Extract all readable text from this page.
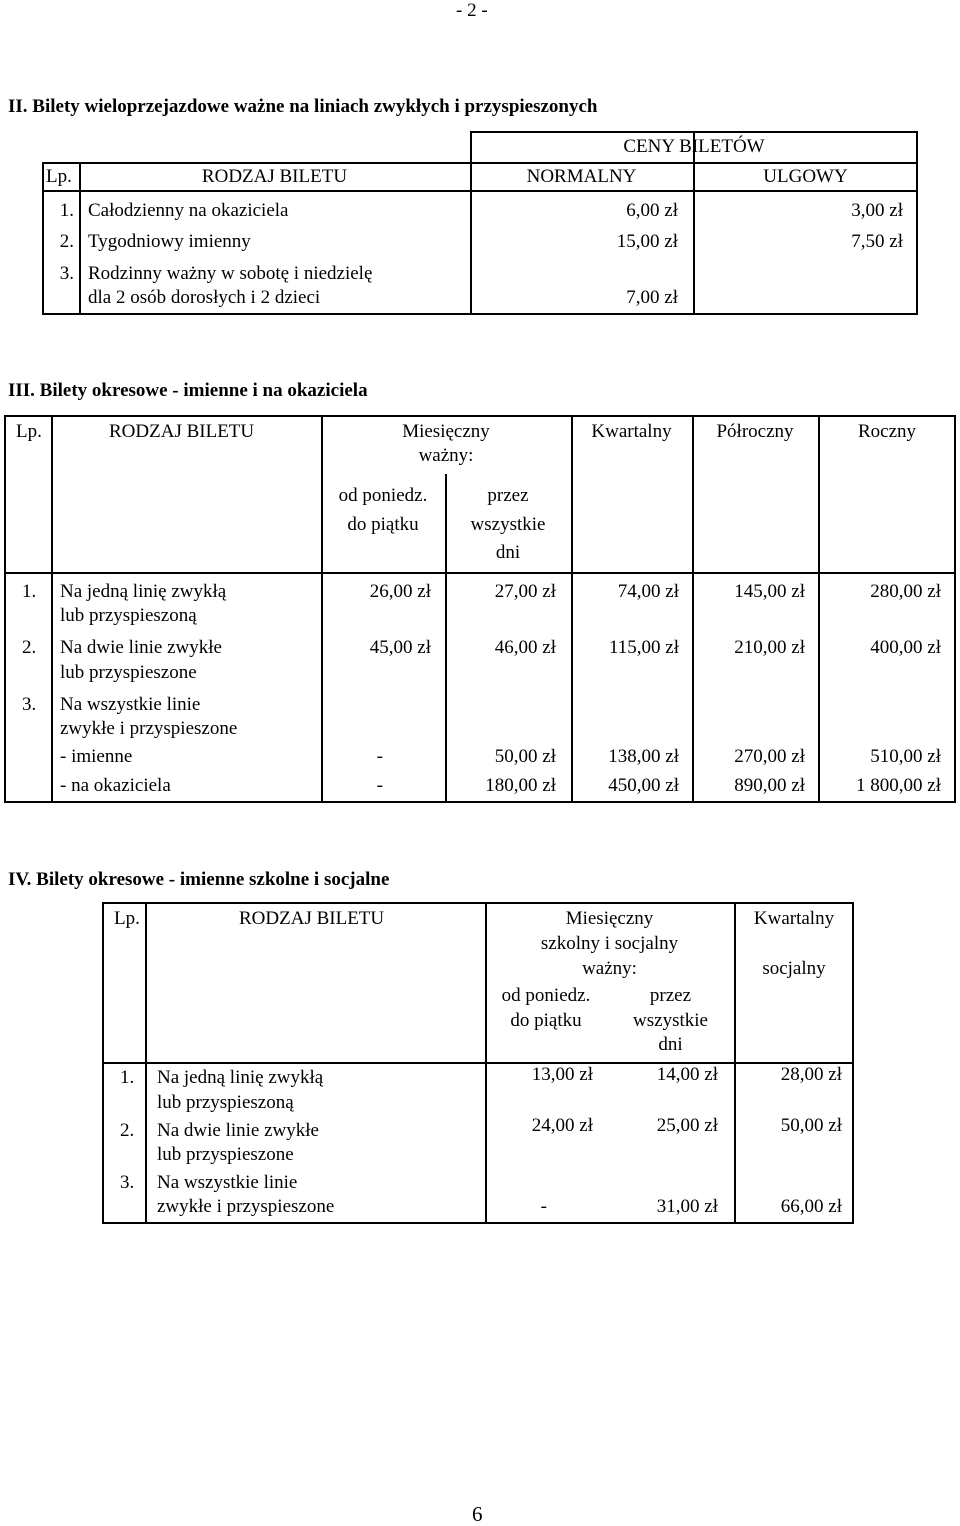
- 2 -
II. Bilety wieloprzejazdowe ważne na liniach zwykłych i przyspieszonych
CENY BILETÓW
Lp.	RODZAJ BILETU	NORMALNY	ULGOWY
1. Całodzienny na okaziciela	6,00 zł	3,00 zł
2. Tygodniowy imienny	15,00 zł	7,50 zł
3. Rodzinny ważny w sobotę i niedzielę
dla 2 osób dorosłych i 2 dzieci	7,00 zł
III. Bilety okresowe - imienne i na okaziciela
Lp.	RODZAJ BILETU	Miesięczny
ważny:
Kwartalny	Półroczny	Roczny
od poniedz.
do piątku
przez
wszystkie
dni
1. Na jedną linię zwykłą
lub przyspieszoną
26,00 zł	27,00 zł	74,00 zł	145,00 zł	280,00 zł
2. Na dwie linie zwykłe
lub przyspieszone
45,00 zł	46,00 zł	115,00 zł	210,00 zł	400,00 zł
3. Na wszystkie linie
zwykłe i przyspieszone
- imienne	-	50,00 zł	138,00 zł	270,00 zł	510,00 zł
- na okaziciela	-	180,00 zł	450,00 zł	890,00 zł	1 800,00 zł
IV. Bilety okresowe - imienne szkolne i socjalne
Lp.	RODZAJ BILETU	Miesięczny
szkolny i socjalny
ważny:
Kwartalny
socjalny
od poniedz.
do piątku
przez
wszystkie
dni
1. Na jedną linię zwykłą
lub przyspieszoną
13,00 zł	14,00 zł	28,00 zł
2. Na dwie linie zwykłe
lub przyspieszone
24,00 zł	25,00 zł	50,00 zł
3. Na wszystkie linie
zwykłe i przyspieszone	-	31,00 zł	66,00 zł
6
